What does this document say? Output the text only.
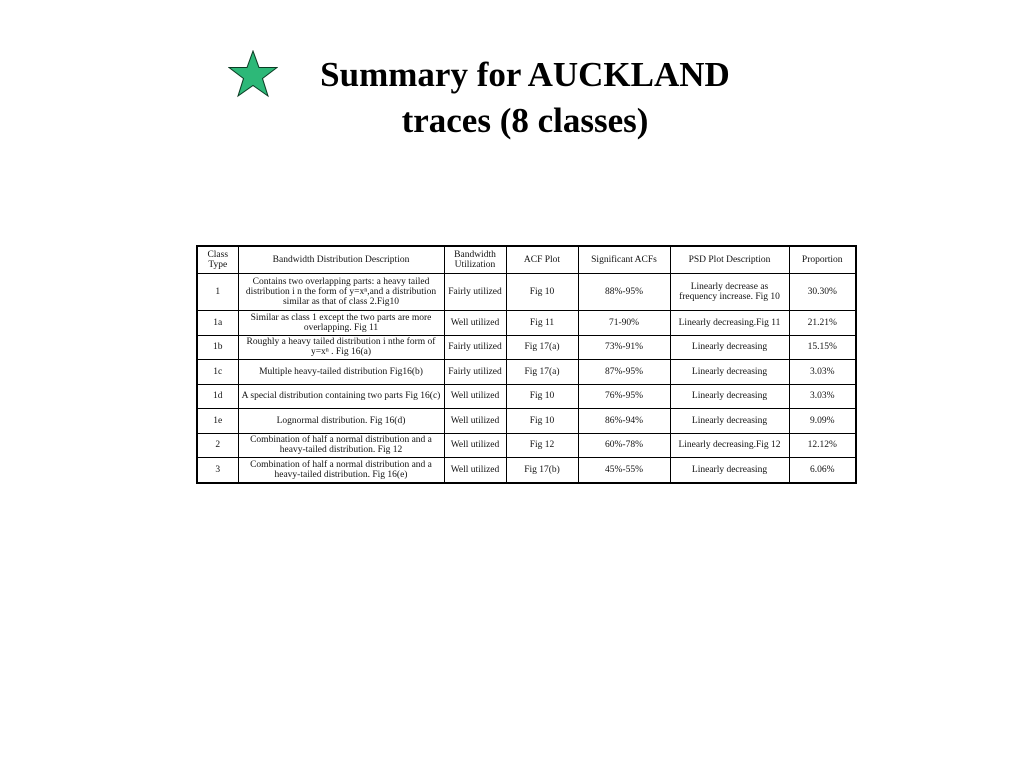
Summary for AUCKLAND
traces (8 classes)
Class Type	Bandwidth Distribution Description	Bandwidth Utilization	ACF Plot	Significant ACFs	PSD Plot Description	Proportion
1	Contains two overlapping parts: a heavy tailed distribution i n the form of y=xⁿ,and a distribution similar as that of class 2.Fig10	Fairly utilized	Fig 10	88%-95%	Linearly decrease as frequency increase. Fig 10	30.30%
1a	Similar as class 1 except the two parts are more overlapping. Fig 11	Well utilized	Fig 11	71-90%	Linearly decreasing.Fig 11	21.21%
1b	Roughly a heavy tailed distribution i nthe form of y=xⁿ . Fig 16(a)	Fairly utilized	Fig 17(a)	73%-91%	Linearly decreasing	15.15%
1c	Multiple heavy-tailed distribution Fig16(b)	Fairly utilized	Fig 17(a)	87%-95%	Linearly decreasing	3.03%
1d	A special distribution containing two parts Fig 16(c)	Well utilized	Fig 10	76%-95%	Linearly decreasing	3.03%
1e	Lognormal distribution. Fig 16(d)	Well utilized	Fig 10	86%-94%	Linearly decreasing	9.09%
2	Combination of half a normal distribution and a heavy-tailed distribution. Fig 12	Well utilized	Fig 12	60%-78%	Linearly decreasing.Fig 12	12.12%
3	Combination of half a normal distribution and a heavy-tailed distribution. Fig 16(e)	Well utilized	Fig 17(b)	45%-55%	Linearly decreasing	6.06%
